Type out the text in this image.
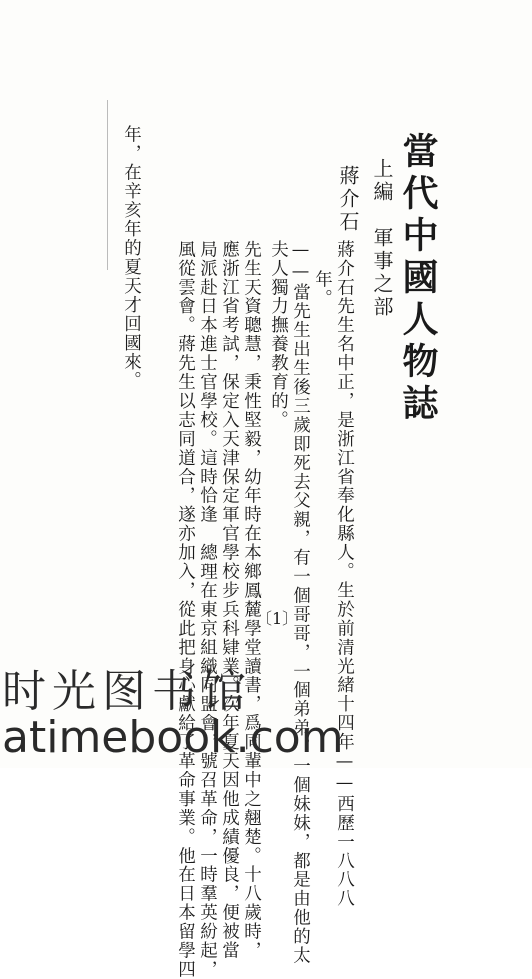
當代中國人物誌
上編　軍事之部
蔣介石
蔣介石先生名中正，是浙江省奉化縣人。生於前清光緒十四年——西歷一八八八
年。
——當先生出生後三歲即死去父親，有一個哥哥，一個弟弟，一個妹妹，都是由他的太
夫人獨力撫養教育的。
先生天資聰慧，秉性堅毅，幼年時在本鄉鳳麓學堂讀書，爲同輩中之翹楚。十八歲時，
應浙江省考試，保定入天津保定軍官學校步兵科肄業。次年夏天因他成績優良，便被當
局派赴日本進士官學校。這時恰逢　總理在東京組織同盟會，號召革命，一時羣英紛起，
風從雲會。蔣先生以志同道合，遂亦加入，從此把身心獻給了革命事業。他在日本留學四
年，在辛亥年的夏天才回國來。
〔1〕
时光图书馆
atimebook.com
